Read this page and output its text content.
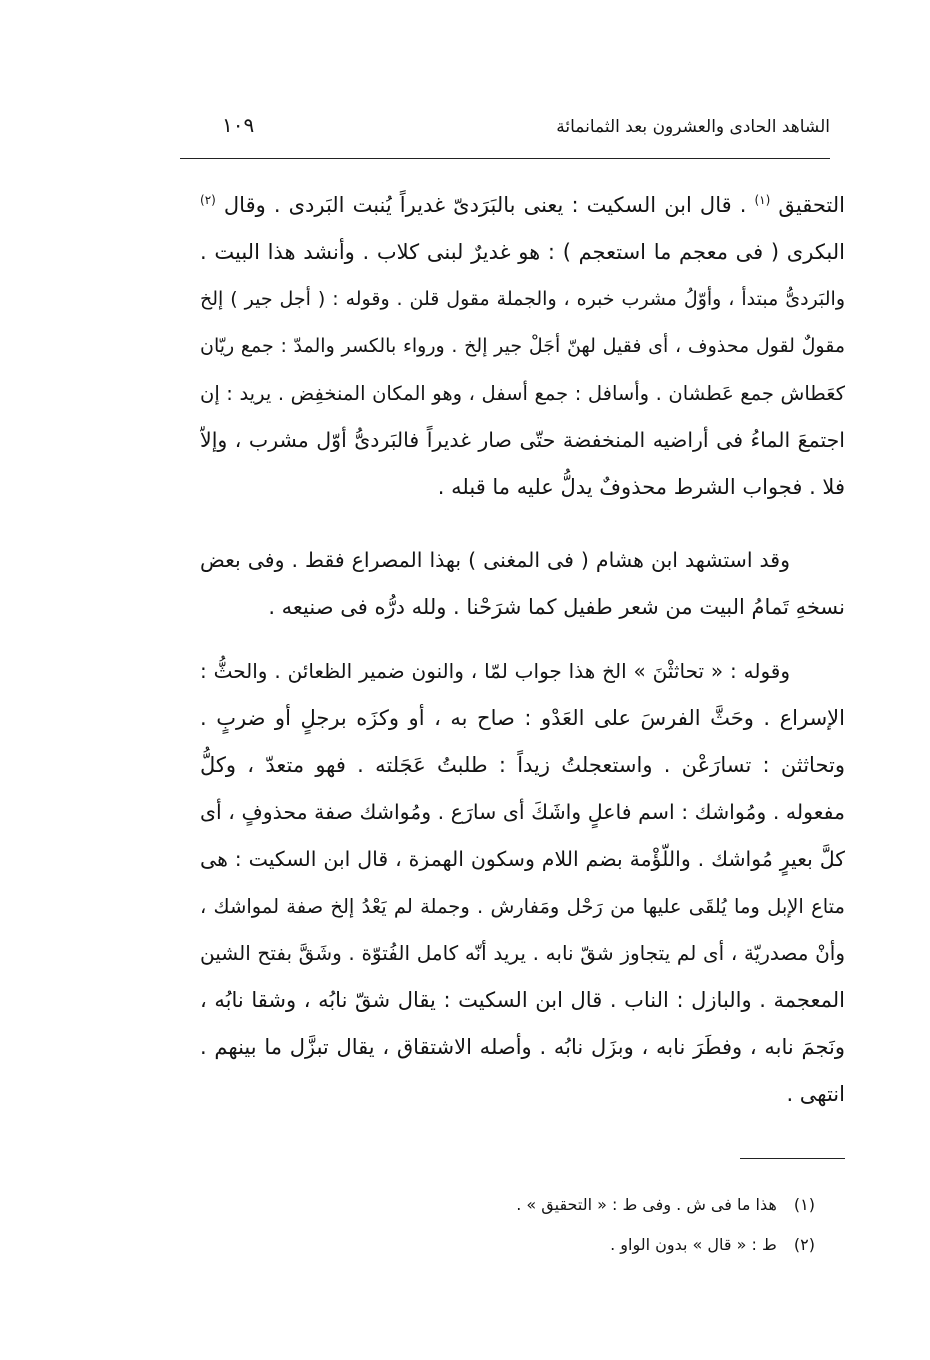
الشاهد الحادى والعشرون بعد الثمانمائة
١٠٩
التحقيق $^{(١)}$ . قال ابن السكيت : يعنى بالبَرَدىّ غديراً يُنبت البَردى . وقال $^{(٢)}$
البكرى ( فى معجم ما استعجم ) : هو غديرٌ لبنى كلاب . وأنشد هذا البيت .
والبَردىُّ مبتدأ ، وأوّلُ مشرب خبره ، والجملة مقول قلن . وقوله : ( أجل جير ) إلخ
مقولٌ لقول محذوف ، أى فقيل لهنّ أجَلْ جير إلخ . ورواء بالكسر والمدّ : جمع ريّان
كعَطاش جمع عَطشان . وأسافل : جمع أسفل ، وهو المكان المنخفِض . يريد : إن
اجتمعَ الماءُ فى أراضيه المنخفضة حتّى صار غديراً فالبَردىُّ أوّل مشرب ، وإلاّ
فلا . فجواب الشرط محذوفٌ يدلُّ عليه ما قبله .
وقد استشهد ابن هشام ( فى المغنى ) بهذا المصراع فقط . وفى بعض
نسخهِ تَمامُ البيت من شعر طفيل كما شرَحْنا . ولله درُّه فى صنيعه .
وقوله : « تحاثثْنَ » الخ هذا جواب لمّا ، والنون ضمير الظعائن . والحثُّ :
الإسراع . وحَثَّ الفرسَ على العَدْو : صاح به ، أو وكزَه برجلٍ أو ضربٍ .
وتحاثثن : تسارَعْن . واستعجلتُ زيداً : طلبتُ عَجَلته . فهو متعدّ ، وكلُّ
مفعوله . ومُواشك : اسم فاعلٍ واشَكَ أى سارَع . ومُواشك صفة محذوفٍ ، أى
كلَّ بعيرٍ مُواشك . واللّؤْمة بضم اللام وسكون الهمزة ، قال ابن السكيت : هى
متاع الإبل وما يُلقَى عليها من رَحْل ومَفارش . وجملة لم يَعْدُ إلخ صفة لمواشك ،
وأنْ مصدريّة ، أى لم يتجاوز شقّ نابه . يريد أنّه كامل الفُتوّة . وشَقَّ بفتح الشين
المعجمة . والبازل : الناب . قال ابن السكيت : يقال شقّ نابُه ، وشقا نابُه ،
ونَجمَ نابه ، وفطَرَ نابه ، وبزَل نابُه . وأصله الاشتقاق ، يقال تبزَّل ما بينهم .
انتهى .
(١) هذا ما فى ش . وفى ط : « التحقيق » .
(٢) ط : « قال » بدون الواو .
